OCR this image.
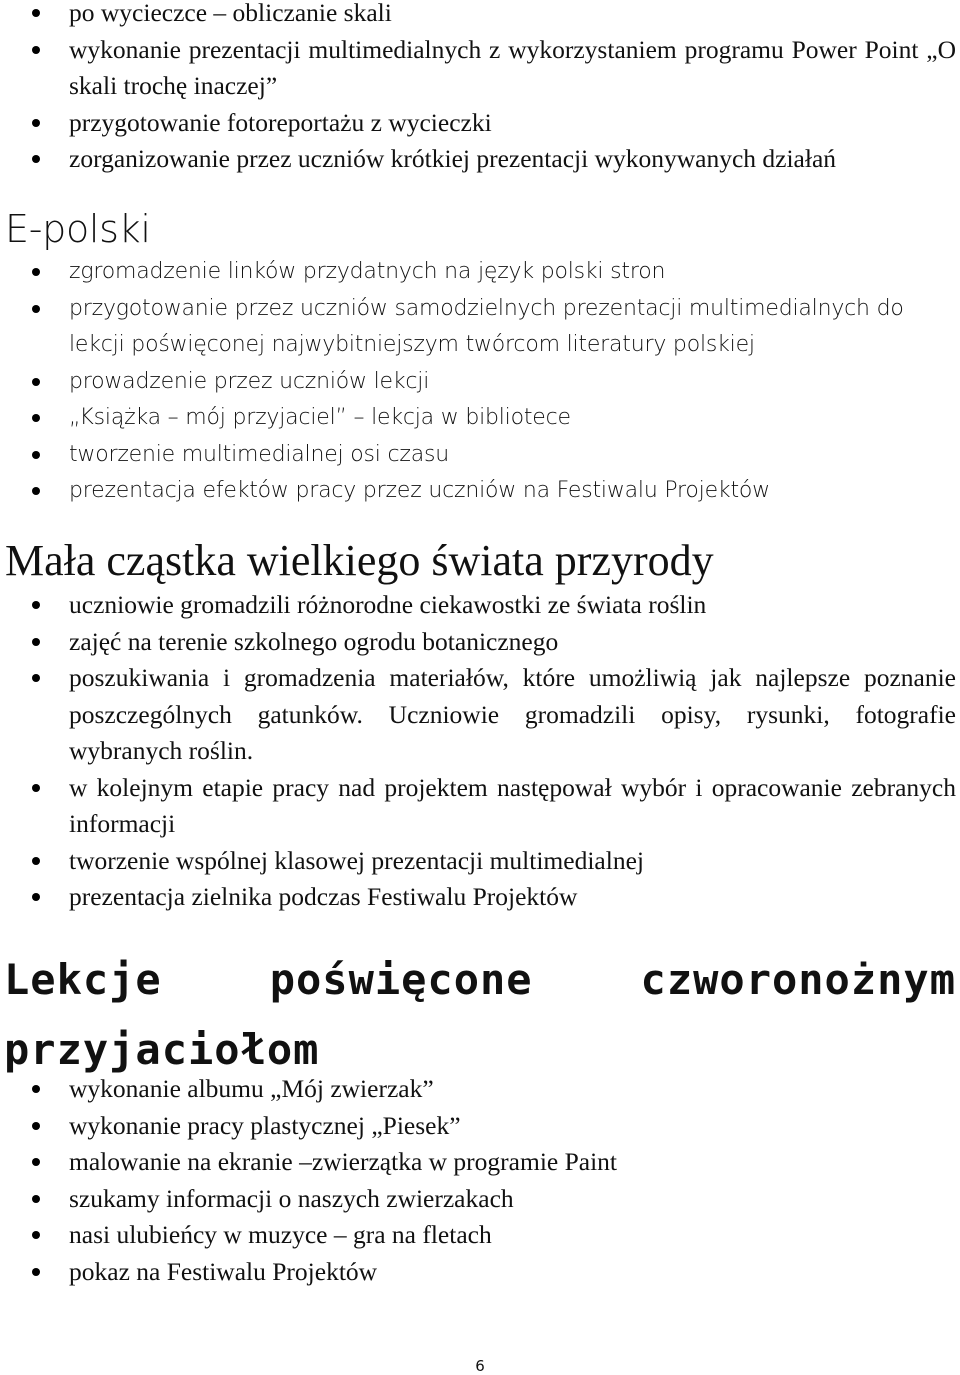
po wycieczce – obliczanie skali
wykonanie prezentacji multimedialnych z wykorzystaniem programu Power Point „O skali trochę inaczej”
przygotowanie fotoreportażu z wycieczki
zorganizowanie przez uczniów krótkiej prezentacji wykonywanych działań
E-polski
zgromadzenie linków przydatnych na język polski stron
przygotowanie przez uczniów samodzielnych prezentacji multimedialnych do lekcji poświęconej najwybitniejszym twórcom literatury polskiej
prowadzenie przez uczniów lekcji
„Książka – mój przyjaciel” – lekcja w bibliotece
tworzenie multimedialnej osi czasu
prezentacja efektów pracy przez uczniów na Festiwalu Projektów
Mała cząstka wielkiego świata przyrody
uczniowie gromadzili różnorodne ciekawostki ze świata roślin
zajęć na terenie szkolnego ogrodu botanicznego
poszukiwania i gromadzenia materiałów, które umożliwią jak najlepsze poznanie poszczególnych gatunków. Uczniowie gromadzili opisy, rysunki, fotografie wybranych roślin.
w kolejnym etapie pracy nad projektem następował wybór i opracowanie zebranych informacji
tworzenie wspólnej klasowej prezentacji multimedialnej
prezentacja zielnika podczas Festiwalu Projektów
Lekcje poświęcone czworonożnym przyjaciołom
wykonanie albumu „Mój zwierzak”
wykonanie pracy plastycznej „Piesek”
malowanie na ekranie –zwierzątka w programie Paint
szukamy informacji o naszych zwierzakach
nasi ulubieńcy w muzyce – gra na fletach
pokaz na Festiwalu Projektów
6
